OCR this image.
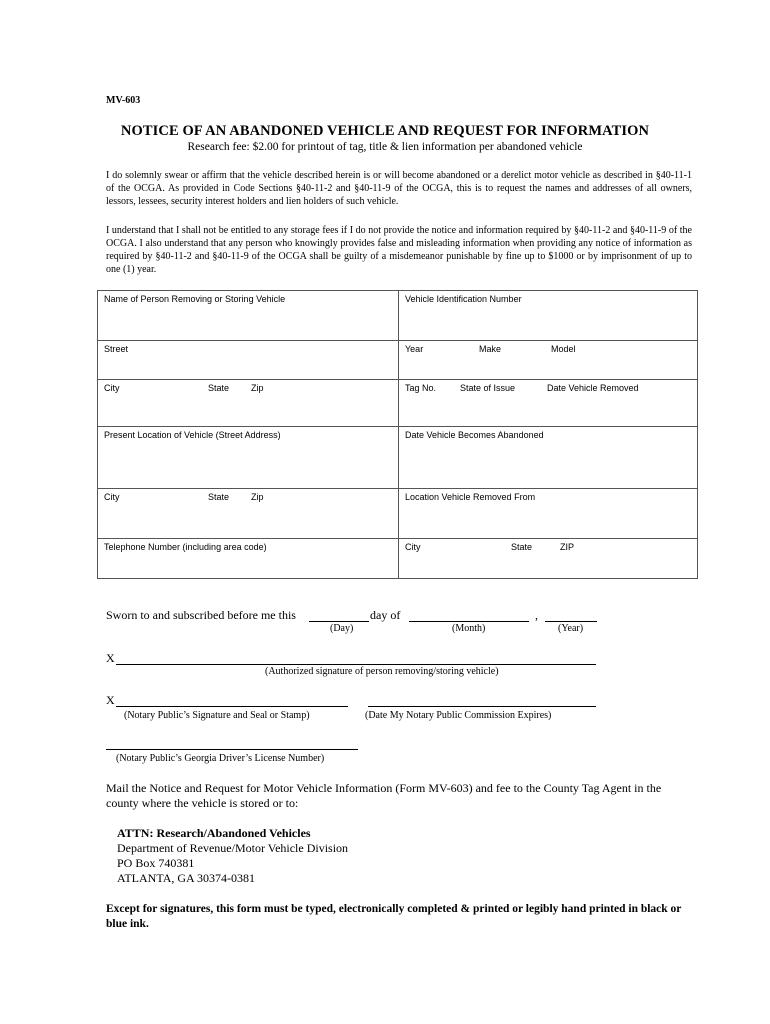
MV-603
NOTICE OF AN ABANDONED VEHICLE AND REQUEST FOR INFORMATION
Research fee: $2.00 for printout of tag, title & lien information per abandoned vehicle
I do solemnly swear or affirm that the vehicle described herein is or will become abandoned or a derelict motor vehicle as described in §40-11-1 of the OCGA. As provided in Code Sections §40-11-2 and §40-11-9 of the OCGA, this is to request the names and addresses of all owners, lessors, lessees, security interest holders and lien holders of such vehicle.
I understand that I shall not be entitled to any storage fees if I do not provide the notice and information required by §40-11-2 and §40-11-9 of the OCGA. I also understand that any person who knowingly provides false and misleading information when providing any notice of information as required by §40-11-2 and §40-11-9 of the OCGA shall be guilty of a misdemeanor punishable by fine up to $1000 or by imprisonment of up to one (1) year.
Name of Person Removing or Storing Vehicle	Vehicle Identification Number
Street	Year Make Model

City State Zip	Tag No. State of Issue Date Vehicle Removed

Present Location of Vehicle (Street Address)	Date Vehicle Becomes Abandoned

City State Zip	Location Vehicle Removed From
Telephone Number (including area code)	City State ZIP

Sworn to and subscribed before me this	day of	,
(Day)	(Month)	(Year)
X
(Authorized signature of person removing/storing vehicle)
X
(Notary Public’s Signature and Seal or Stamp)	(Date My Notary Public Commission Expires)
(Notary Public’s Georgia Driver’s License Number)
Mail the Notice and Request for Motor Vehicle Information (Form MV-603) and fee to the County Tag Agent in the county where the vehicle is stored or to:
ATTN: Research/Abandoned Vehicles
Department of Revenue/Motor Vehicle Division
PO Box 740381
ATLANTA, GA 30374-0381
Except for signatures, this form must be typed, electronically completed & printed or legibly hand printed in black or blue ink.
